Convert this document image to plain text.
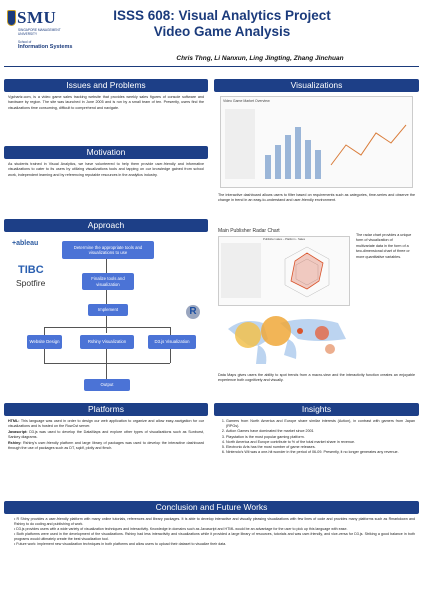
SMU
SINGAPORE MANAGEMENT UNIVERSITY
School of
Information Systems
ISSS 608: Visual Analytics Project
Video Game Analysis
Chris Thng, Li Nanxun, Ling Jingting, Zhang Jinchuan
Issues and Problems
Vgchartz.com, is a video game sales tracking website that provides weekly sales figures of console software and hardware by region. The site was launched in June 2005 and is run by a small team of ten. Presently, users find the visualizations time consuming, difficult to comprehend and navigate.
Motivation
As students trained in Visual Analytics, we have volunteered to help them provide user-friendly and informative visualizations to cater to its users by utilizing visualizations tools and tapping on our knowledge gained from school work, independent learning and by referencing reputable resources in the analytics industry.
Approach
+ableau
TIBC
Spotfire
R
Determine the appropriate tools and visualizations to use
Finalize tools and visualization
Implement
Website Design	Rshiny Visualization	D3.js Visualization
Output
Visualizations
Video Game Market Overview
The interactive dashboard allows users to filter based on requirements such as categories, time-series and observe the change in trend in an easy-to-understand and user-friendly environment.
Main Publisher Radar Chart
Publisher sales – Platform - Sales
The radar chart provides a unique form of visualization of multivariate data in the form of a two-dimensional chart of three or more quantitative variables.
Data Maps gives users the ability to spot trends from a macro-view and the interactivity function creates an enjoyable experience both cognitively and visually.
Platforms
HTML: This language was used in order to design our web application to organize and allow easy-navigation for our visualizations and is hosted on the RowCst server.
Javascript: D3.js was used to develop the DataMaps and explore other types of visualizations such as Sunburst, Sankey diagrams.
Rshiny: Rshiny's user-friendly platform and large library of packages was used to develop the interactive dashboard through the use of packages such as DT, sqldf, plotly and flmch.
Insights
1. Gamers from North America and Europe share similar interests (Action), in contrast with gamers from Japan (RPGs).
2. Action Games have dominated the market since 2001
3. Playstation is the most popular gaming platform.
4. North America and Europe contribute to % of the total market share in revenue.
5. Electronic Arts has the most number of game releases.
6. Nintendo's Wii was a one-hit wonder in the period of 06-09. Presently, it no longer generates any revenue.
Conclusion and Future Works
• R Shiny provides a user-friendly platform with many online tutorials, references and library packages. It is able to develop interactive and visually pleasing visualizations with few lines of code and provides many platforms such as Rmarkdown and Rshiny to do coding and publishing of work.
• D3.js provides users with a wide variety of visualization techniques and interactivity. Knowledge in domains such as Javascript and HTML would be an advantage for the user to pick up this language with ease.
• Both platforms were used in the development of the visualizations. Rshiny had less interactivity and visualizations while it provided a large library of resources, tutorials and was user-friendly, and vice-versa for D3.js. Striking a good balance in both programs would ultimately create the best visualization tool.
• Future work: implement new visualization techniques in both platforms and allow users to upload their dataset to visualize their data.
